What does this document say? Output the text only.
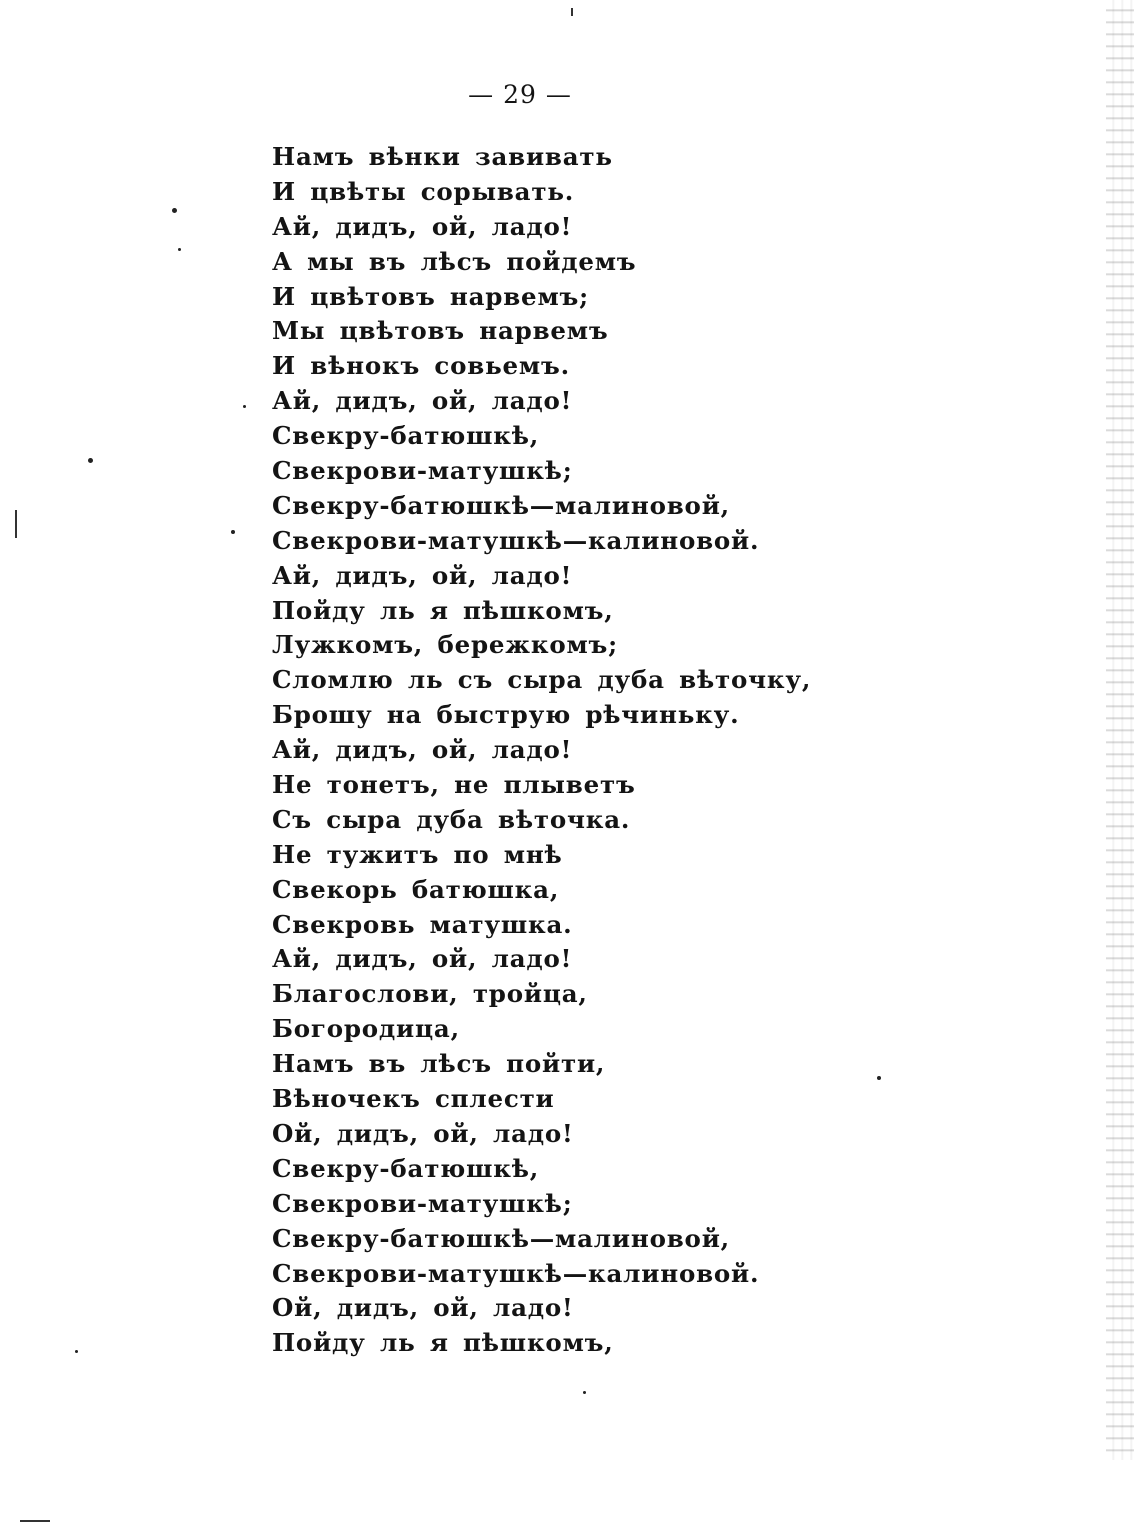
— 29 —
Намъ вѣнки завивать
И цвѣты сорывать.
Ай, дидъ, ой, ладо!
А мы въ лѣсъ пойдемъ
И цвѣтовъ нарвемъ;
Мы цвѣтовъ нарвемъ
И вѣнокъ совьемъ.
Ай, дидъ, ой, ладо!
Свекру-батюшкѣ,
Свекрови-матушкѣ;
Свекру-батюшкѣ—малиновой,
Свекрови-матушкѣ—калиновой.
Ай, дидъ, ой, ладо!
Пойду ль я пѣшкомъ,
Лужкомъ, бережкомъ;
Сломлю ль съ сыра дуба вѣточку,
Брошу на быструю рѣчиньку.
Ай, дидъ, ой, ладо!
Не тонетъ, не плыветъ
Съ сыра дуба вѣточка.
Не тужитъ по мнѣ
Свекорь батюшка,
Свекровь матушка.
Ай, дидъ, ой, ладо!
Благослови, тройца,
Богородица,
Намъ въ лѣсъ пойти,
Вѣночекъ сплести
Ой, дидъ, ой, ладо!
Свекру-батюшкѣ,
Свекрови-матушкѣ;
Свекру-батюшкѣ—малиновой,
Свекрови-матушкѣ—калиновой.
Ой, дидъ, ой, ладо!
Пойду ль я пѣшкомъ,
